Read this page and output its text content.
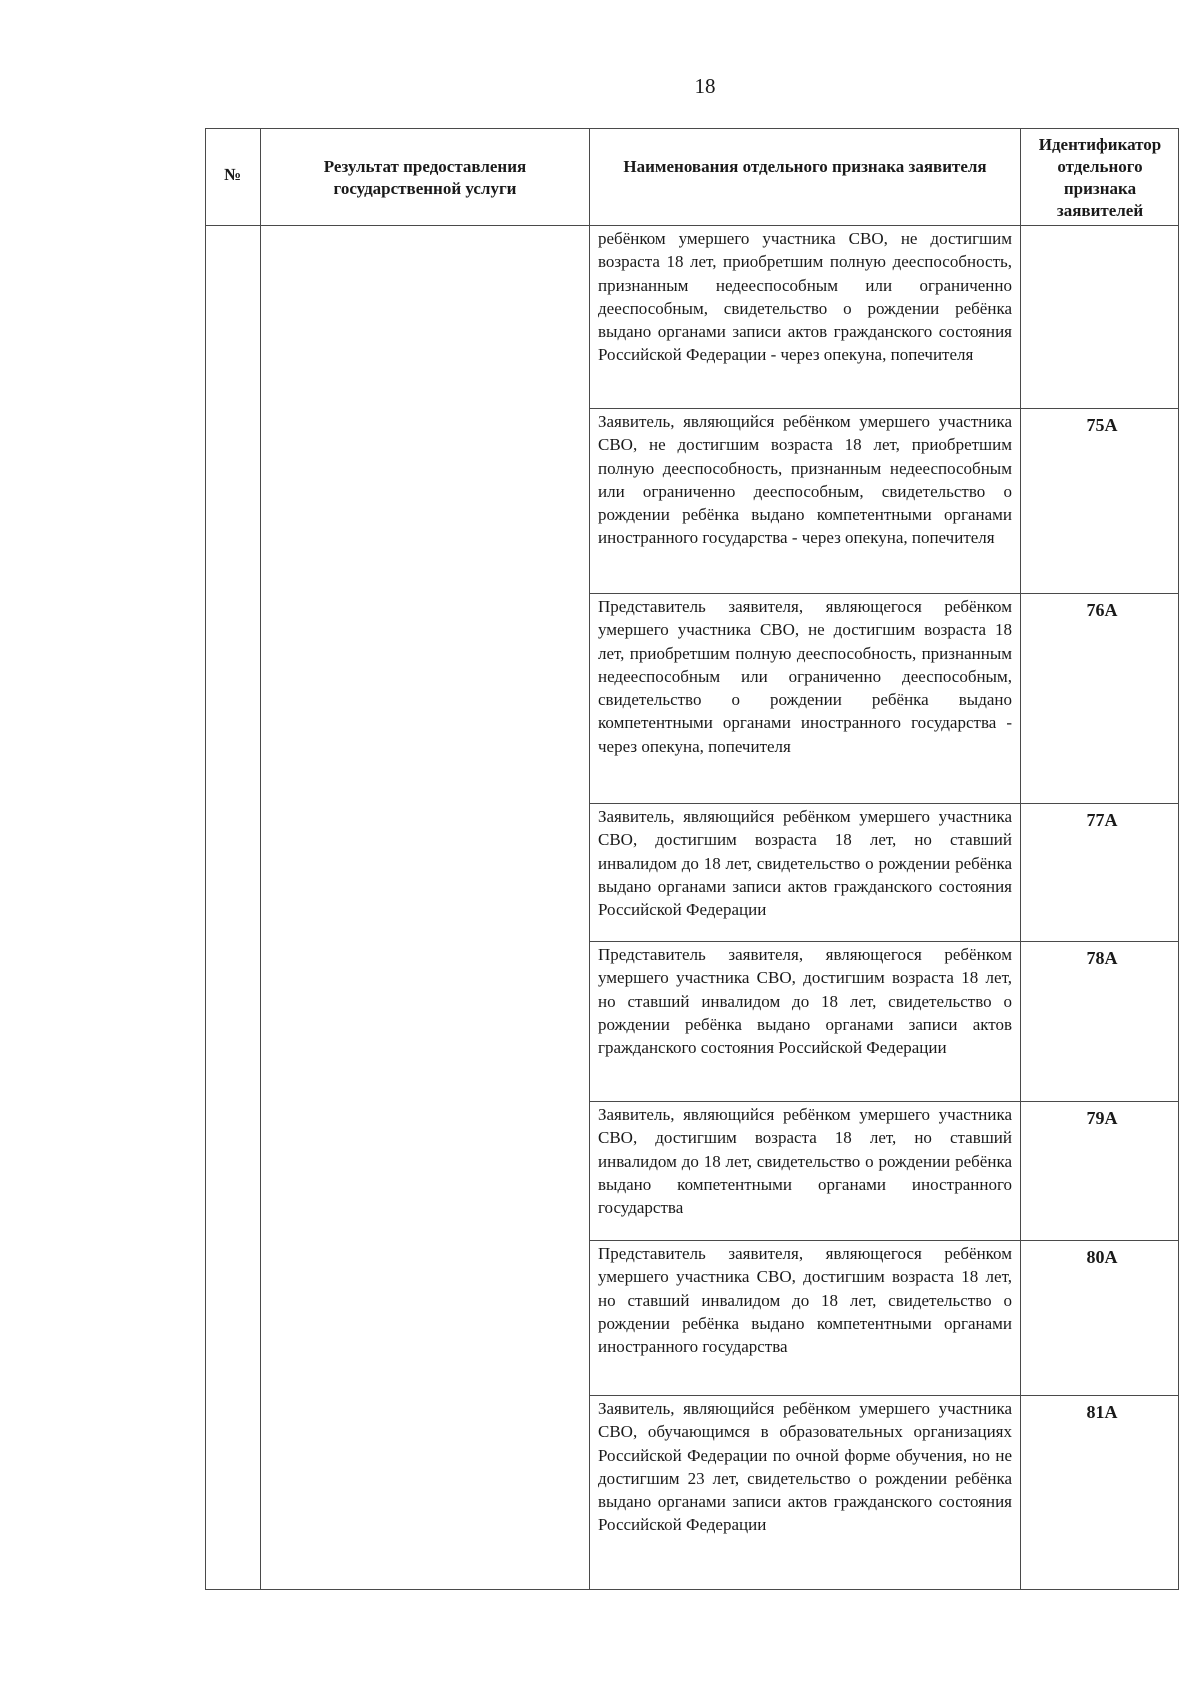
18
№	Результат предоставления государственной услуги
Наименования отдельного признака заявителя
Идентификатор отдельного признака заявителей
ребёнком умершего участника СВО, не достигшим возраста 18 лет, приобретшим полную дееспособность, признанным недееспособным или ограниченно дееспособным, свидетельство о рождении ребёнка выдано органами записи актов гражданского состояния Российской Федерации - через опекуна, попечителя
Заявитель, являющийся ребёнком умершего участника СВО, не достигшим возраста 18 лет, приобретшим полную дееспособность, признанным недееспособным или ограниченно дееспособным, свидетельство о рождении ребёнка выдано компетентными органами иностранного государства - через опекуна, попечителя
75А
Представитель заявителя, являющегося ребёнком умершего участника СВО, не достигшим возраста 18 лет, приобретшим полную дееспособность, признанным недееспособным или ограниченно дееспособным, свидетельство о рождении ребёнка выдано компетентными органами иностранного государства - через опекуна, попечителя
76А
Заявитель, являющийся ребёнком умершего участника СВО, достигшим возраста 18 лет, но ставший инвалидом до 18 лет, свидетельство о рождении ребёнка выдано органами записи актов гражданского состояния Российской Федерации
77А
Представитель заявителя, являющегося ребёнком умершего участника СВО, достигшим возраста 18 лет, но ставший инвалидом до 18 лет, свидетельство о рождении ребёнка выдано органами записи актов гражданского состояния Российской Федерации
78А
Заявитель, являющийся ребёнком умершего участника СВО, достигшим возраста 18 лет, но ставший инвалидом до 18 лет, свидетельство о рождении ребёнка выдано компетентными органами иностранного государства
79А
Представитель заявителя, являющегося ребёнком умершего участника СВО, достигшим возраста 18 лет, но ставший инвалидом до 18 лет, свидетельство о рождении ребёнка выдано компетентными органами иностранного государства
80А
Заявитель, являющийся ребёнком умершего участника СВО, обучающимся в образовательных организациях Российской Федерации по очной форме обучения, но не достигшим 23 лет, свидетельство о рождении ребёнка выдано органами записи актов гражданского состояния Российской Федерации
81А
